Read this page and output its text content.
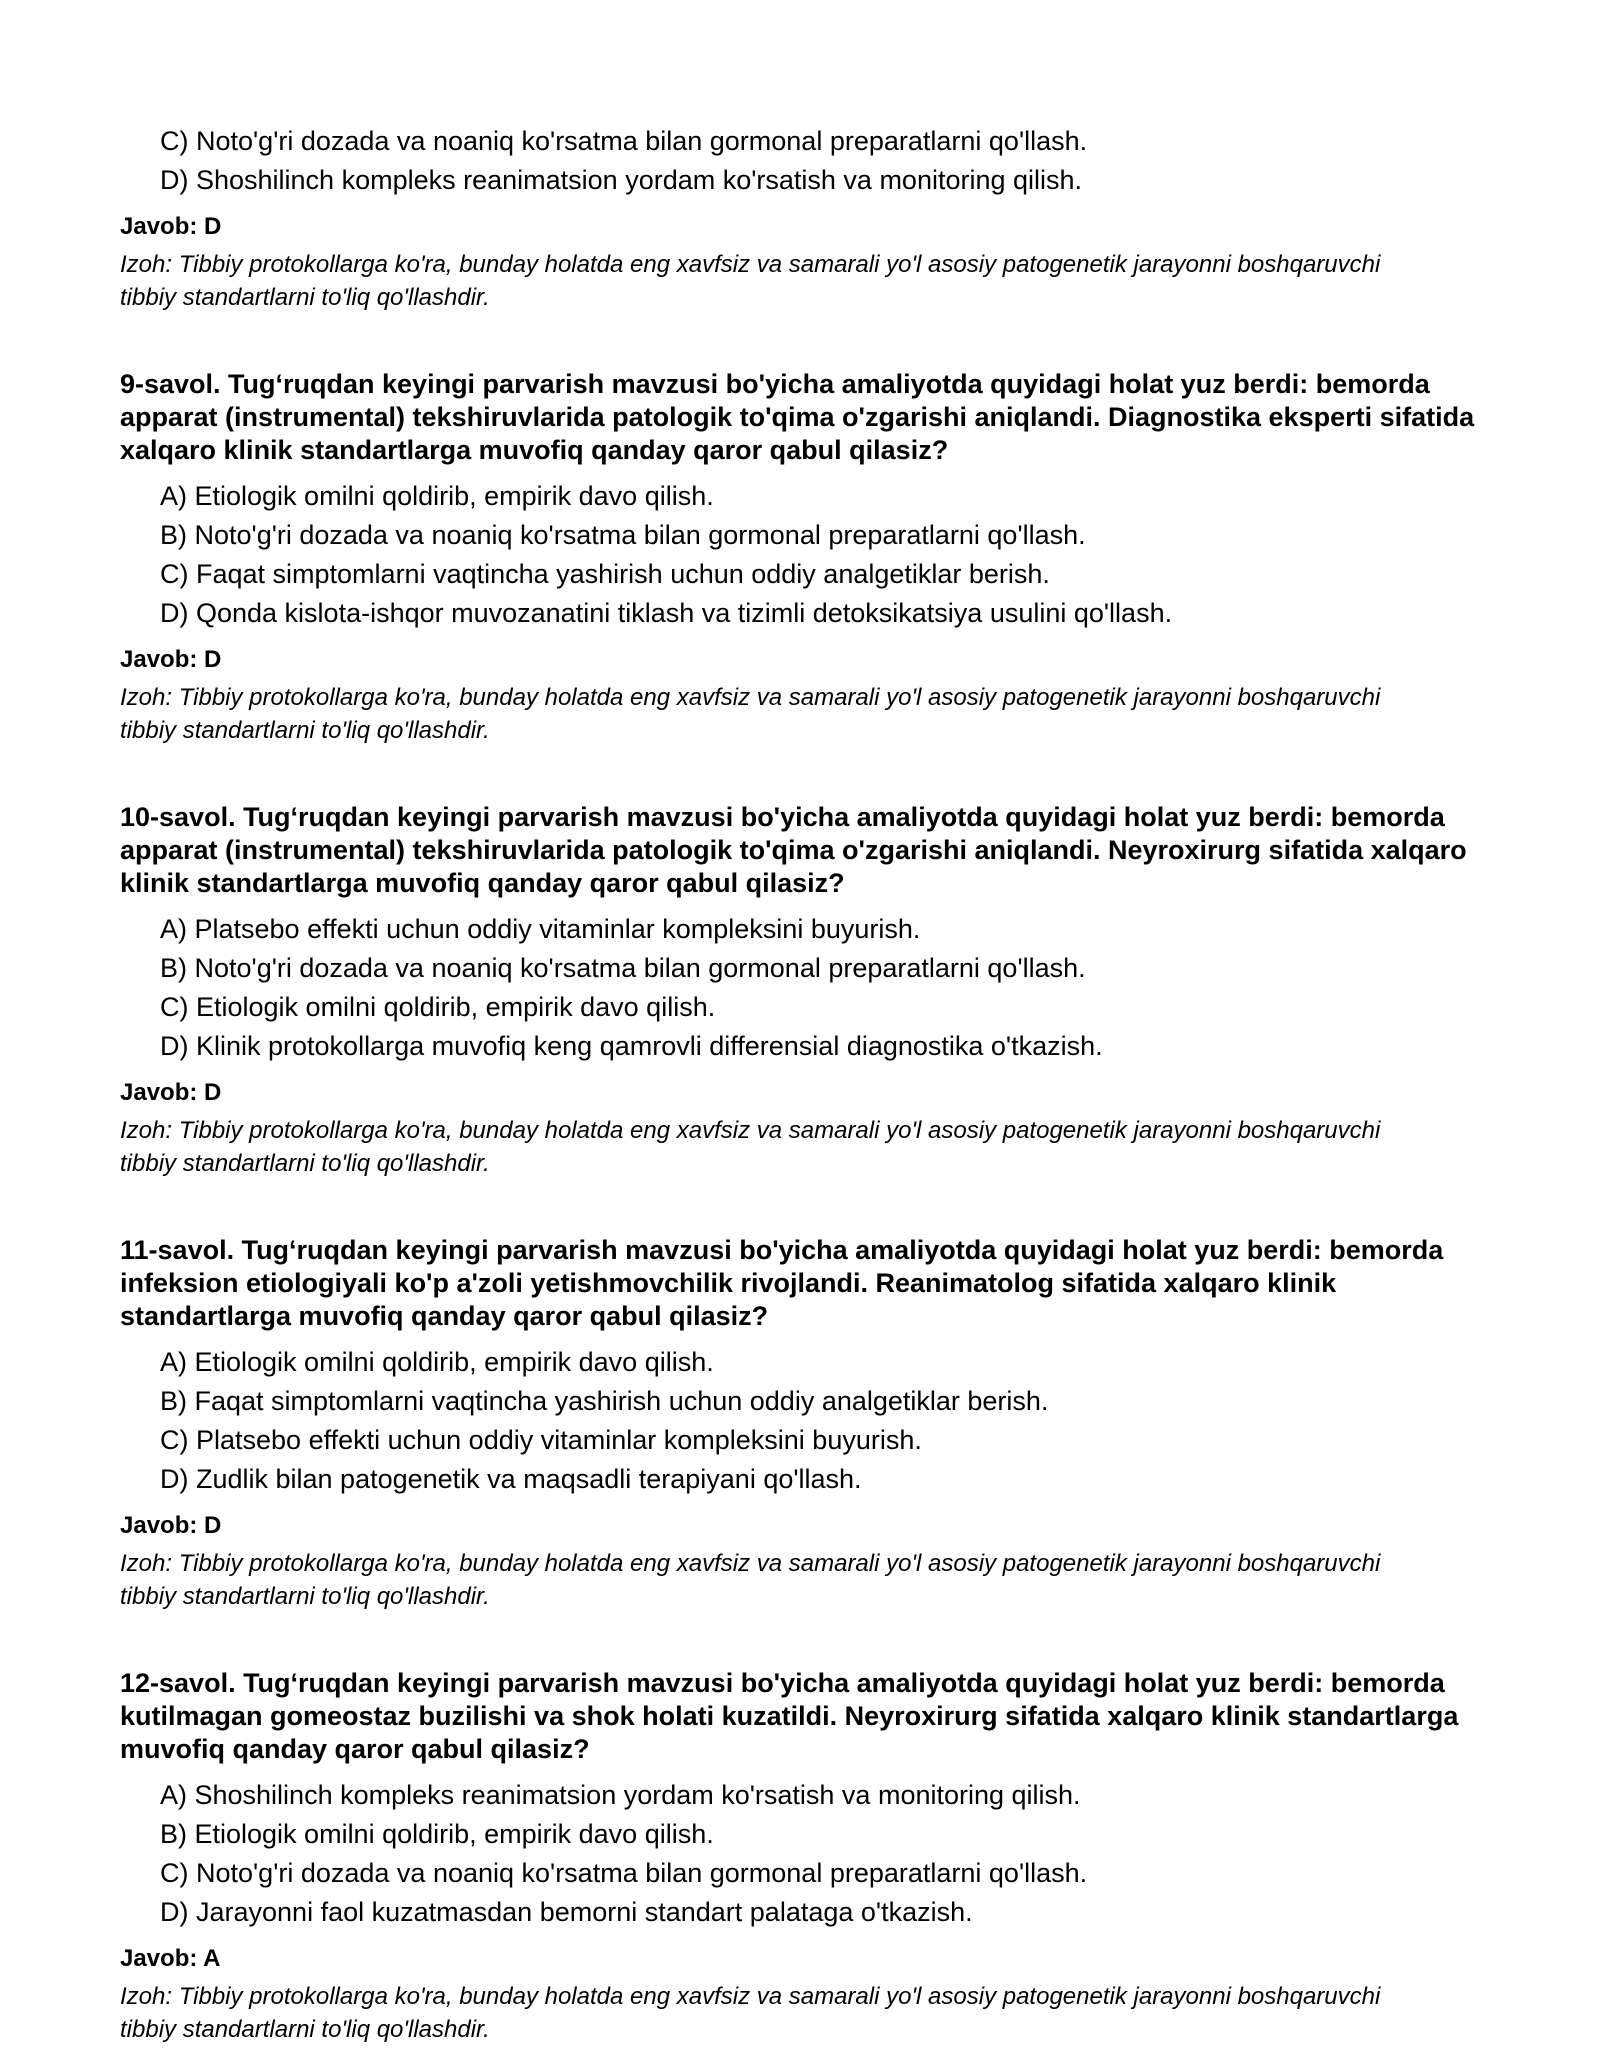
C) Noto'g'ri dozada va noaniq ko'rsatma bilan gormonal preparatlarni qo'llash.
D) Shoshilinch kompleks reanimatsion yordam ko'rsatish va monitoring qilish.
Javob: D
Izoh: Tibbiy protokollarga ko'ra, bunday holatda eng xavfsiz va samarali yo'l asosiy patogenetik jarayonni boshqaruvchi tibbiy standartlarni to'liq qo'llashdir.
9-savol. Tug‘ruqdan keyingi parvarish mavzusi bo'yicha amaliyotda quyidagi holat yuz berdi: bemorda apparat (instrumental) tekshiruvlarida patologik to'qima o'zgarishi aniqlandi. Diagnostika eksperti sifatida xalqaro klinik standartlarga muvofiq qanday qaror qabul qilasiz?
A) Etiologik omilni qoldirib, empirik davo qilish.
B) Noto'g'ri dozada va noaniq ko'rsatma bilan gormonal preparatlarni qo'llash.
C) Faqat simptomlarni vaqtincha yashirish uchun oddiy analgetiklar berish.
D) Qonda kislota-ishqor muvozanatini tiklash va tizimli detoksikatsiya usulini qo'llash.
Javob: D
Izoh: Tibbiy protokollarga ko'ra, bunday holatda eng xavfsiz va samarali yo'l asosiy patogenetik jarayonni boshqaruvchi tibbiy standartlarni to'liq qo'llashdir.
10-savol. Tug‘ruqdan keyingi parvarish mavzusi bo'yicha amaliyotda quyidagi holat yuz berdi: bemorda apparat (instrumental) tekshiruvlarida patologik to'qima o'zgarishi aniqlandi. Neyroxirurg sifatida xalqaro klinik standartlarga muvofiq qanday qaror qabul qilasiz?
A) Platsebo effekti uchun oddiy vitaminlar kompleksini buyurish.
B) Noto'g'ri dozada va noaniq ko'rsatma bilan gormonal preparatlarni qo'llash.
C) Etiologik omilni qoldirib, empirik davo qilish.
D) Klinik protokollarga muvofiq keng qamrovli differensial diagnostika o'tkazish.
Javob: D
Izoh: Tibbiy protokollarga ko'ra, bunday holatda eng xavfsiz va samarali yo'l asosiy patogenetik jarayonni boshqaruvchi tibbiy standartlarni to'liq qo'llashdir.
11-savol. Tug‘ruqdan keyingi parvarish mavzusi bo'yicha amaliyotda quyidagi holat yuz berdi: bemorda infeksion etiologiyali ko'p a'zoli yetishmovchilik rivojlandi. Reanimatolog sifatida xalqaro klinik standartlarga muvofiq qanday qaror qabul qilasiz?
A) Etiologik omilni qoldirib, empirik davo qilish.
B) Faqat simptomlarni vaqtincha yashirish uchun oddiy analgetiklar berish.
C) Platsebo effekti uchun oddiy vitaminlar kompleksini buyurish.
D) Zudlik bilan patogenetik va maqsadli terapiyani qo'llash.
Javob: D
Izoh: Tibbiy protokollarga ko'ra, bunday holatda eng xavfsiz va samarali yo'l asosiy patogenetik jarayonni boshqaruvchi tibbiy standartlarni to'liq qo'llashdir.
12-savol. Tug‘ruqdan keyingi parvarish mavzusi bo'yicha amaliyotda quyidagi holat yuz berdi: bemorda kutilmagan gomeostaz buzilishi va shok holati kuzatildi. Neyroxirurg sifatida xalqaro klinik standartlarga muvofiq qanday qaror qabul qilasiz?
A) Shoshilinch kompleks reanimatsion yordam ko'rsatish va monitoring qilish.
B) Etiologik omilni qoldirib, empirik davo qilish.
C) Noto'g'ri dozada va noaniq ko'rsatma bilan gormonal preparatlarni qo'llash.
D) Jarayonni faol kuzatmasdan bemorni standart palataga o'tkazish.
Javob: A
Izoh: Tibbiy protokollarga ko'ra, bunday holatda eng xavfsiz va samarali yo'l asosiy patogenetik jarayonni boshqaruvchi tibbiy standartlarni to'liq qo'llashdir.
